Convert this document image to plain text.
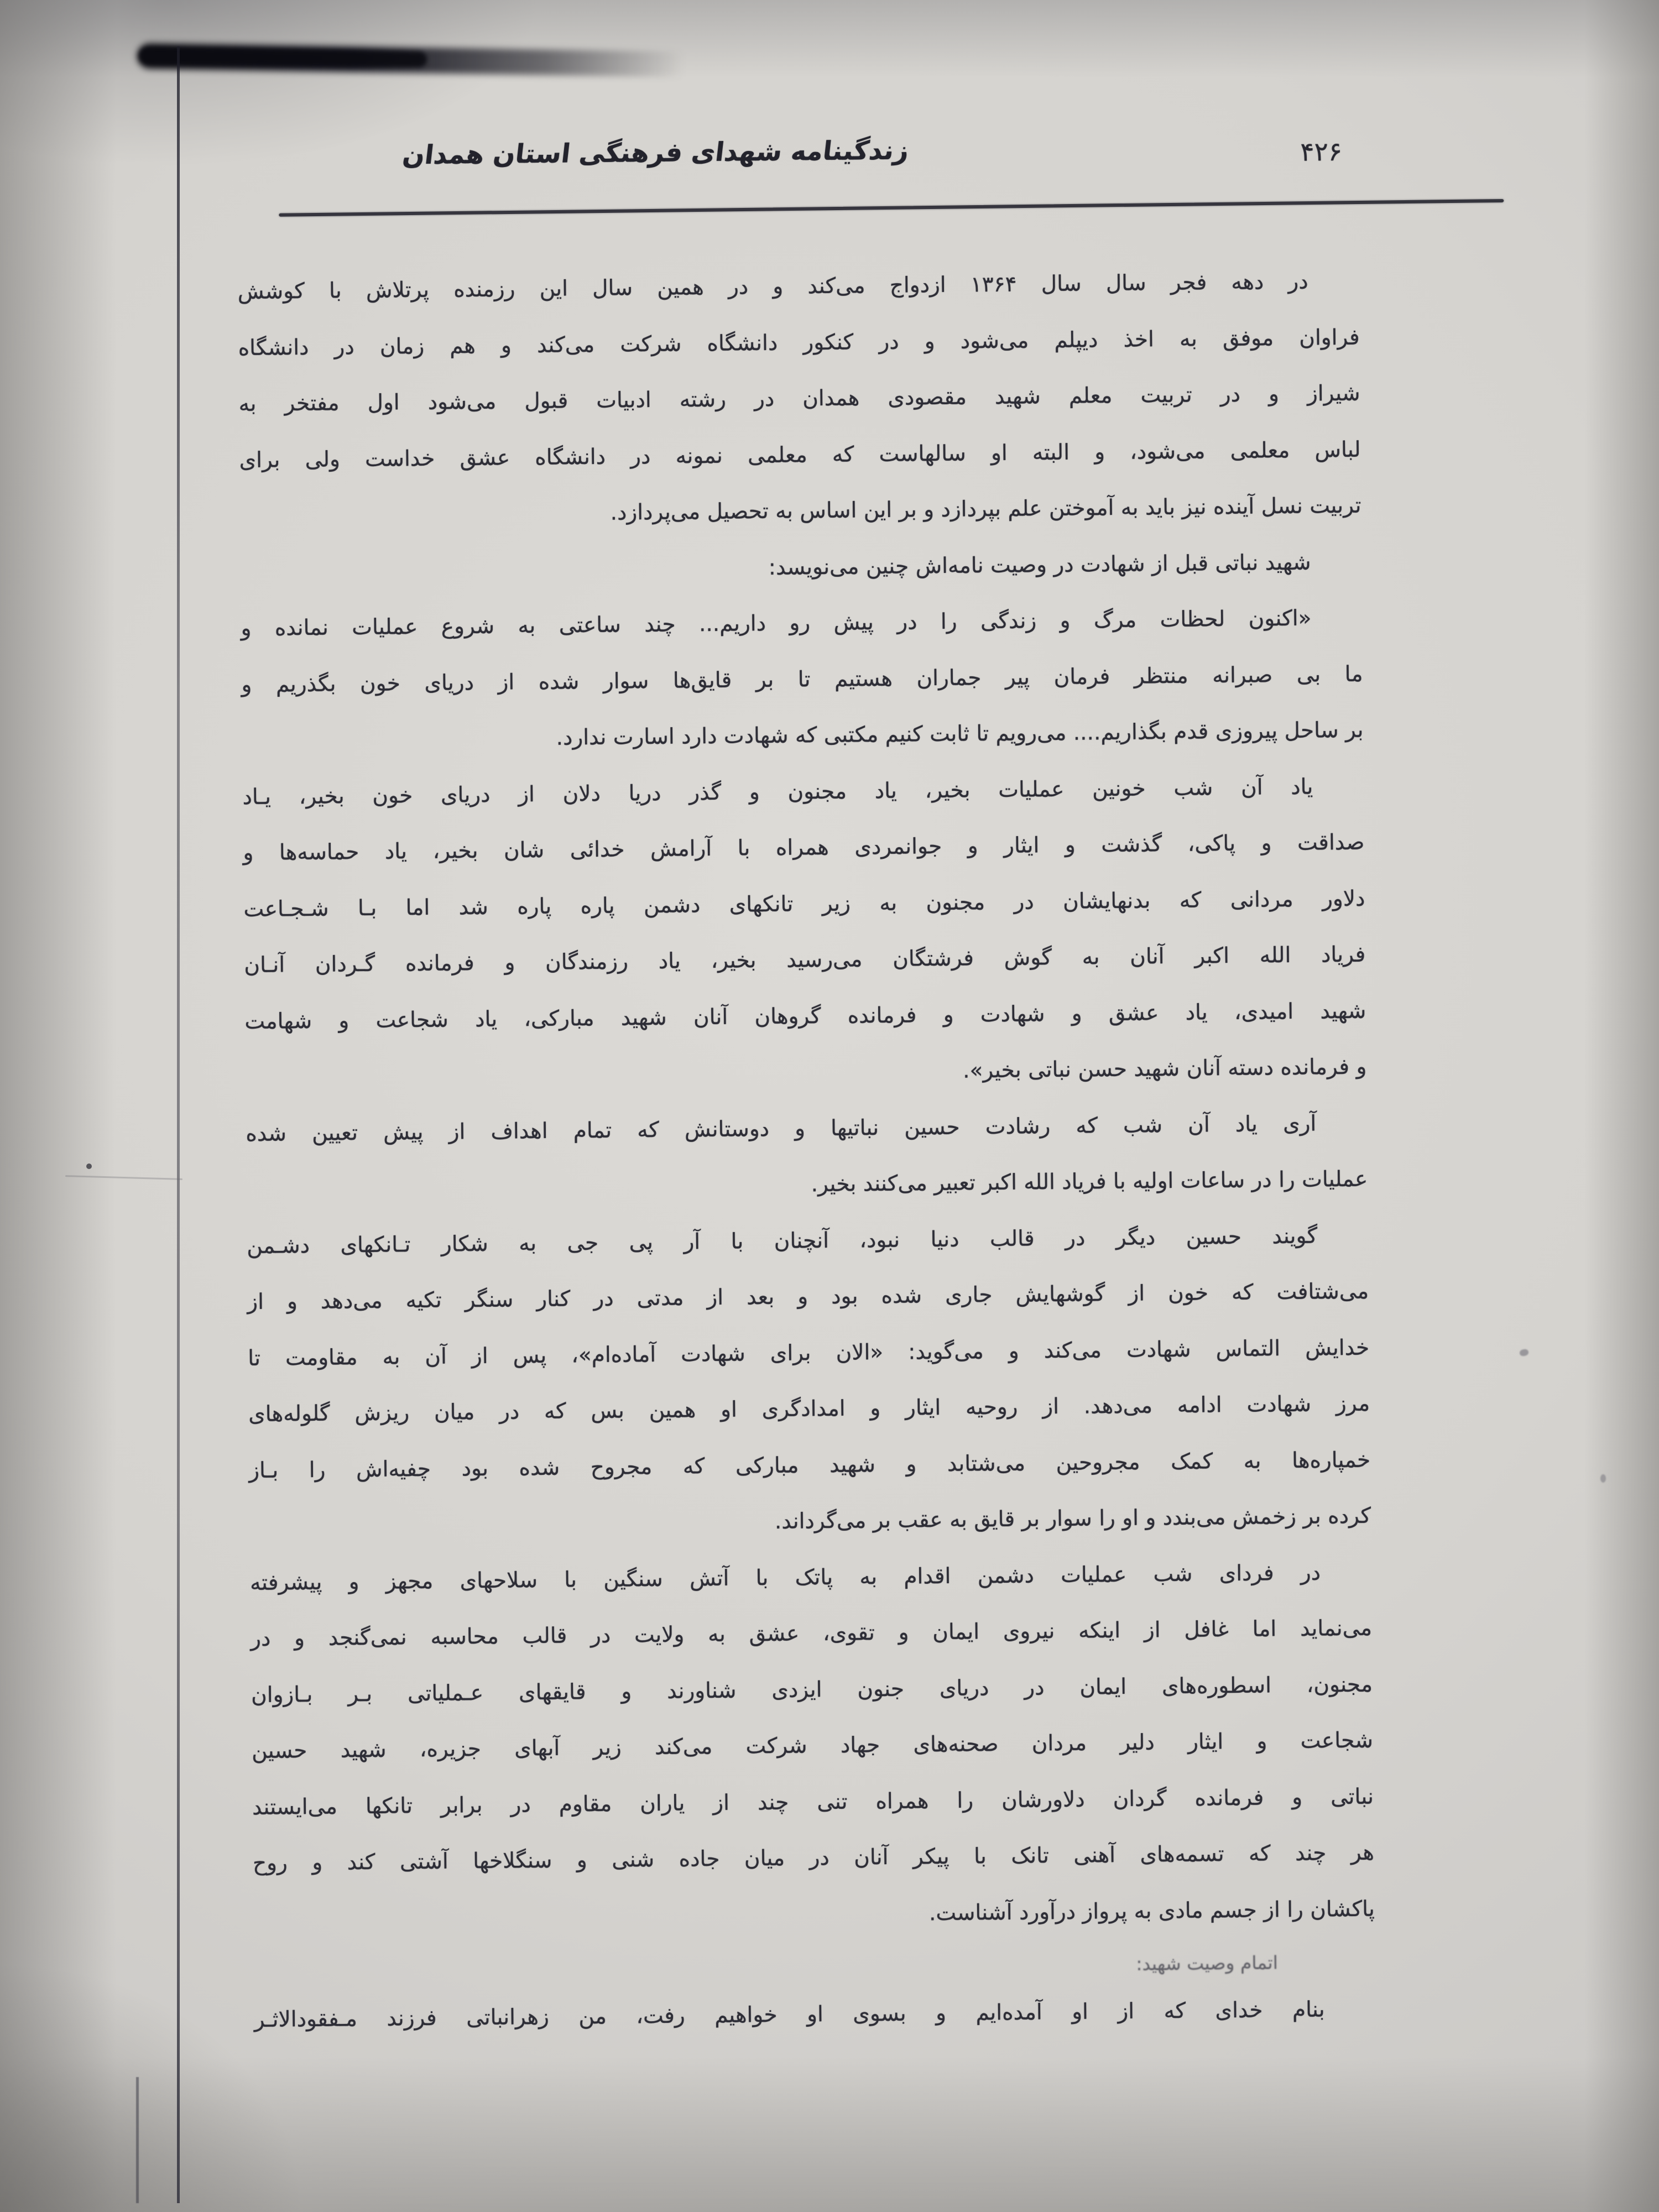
زندگینامه شهدای فرهنگی استان همدان	۴۲۶
در دهه فجر سال سال ۱۳۶۴ ازدواج می‌کند و در همین سال این رزمنده پرتلاش با کوشش
فراوان موفق به اخذ دیپلم می‌شود و در کنکور دانشگاه شرکت می‌کند و هم زمان در دانشگاه
شیراز و در تربیت معلم شهید مقصودی همدان در رشته ادبیات قبول می‌شود اول مفتخر به
لباس معلمی می‌شود، و البته او سالهاست که معلمی نمونه در دانشگاه عشق خداست ولی برای
تربیت نسل آینده نیز باید به آموختن علم بپردازد و بر این اساس به تحصیل می‌پردازد.
شهید نباتی قبل از شهادت در وصیت نامه‌اش چنین می‌نویسد:
«اکنون لحظات مرگ و زندگی را در پیش رو داریم... چند ساعتی به شروع عملیات نمانده و
ما بی صبرانه منتظر فرمان پیر جماران هستیم تا بر قایق‌ها سوار شده از دریای خون بگذریم و
بر ساحل پیروزی قدم بگذاریم.... می‌رویم تا ثابت کنیم مکتبی که شهادت دارد اسارت ندارد.
یاد آن شب خونین عملیات بخیر، یاد مجنون و گذر دریا دلان از دریای خون بخیر، یـاد
صداقت و پاکی، گذشت و ایثار و جوانمردی همراه با آرامش خدائی شان بخیر، یاد حماسه‌ها و
دلاور مردانی که بدنهایشان در مجنون به زیر تانکهای دشمن پاره پاره شد اما بـا شـجـاعت
فریاد الله اکبر آنان به گوش فرشتگان می‌رسید بخیر، یاد رزمندگان و فرمانده گـردان آنـان
شهید امیدی، یاد عشق و شهادت و فرمانده گروهان آنان شهید مبارکی، یاد شجاعت و شهامت
و فرمانده دسته آنان شهید حسن نباتی بخیر».
آری یاد آن شب که رشادت حسین نباتیها و دوستانش که تمام اهداف از پیش تعیین شده
عملیات را در ساعات اولیه با فریاد الله اکبر تعبیر می‌کنند بخیر.
گویند حسین دیگر در قالب دنیا نبود، آنچنان با آر پی جی به شکار تـانکهای دشـمن
می‌شتافت که خون از گوشهایش جاری شده بود و بعد از مدتی در کنار سنگر تکیه می‌دهد و از
خدایش التماس شهادت می‌کند و می‌گوید: «الان برای شهادت آماده‌ام»، پس از آن به مقاومت تا
مرز شهادت ادامه می‌دهد. از روحیه ایثار و امدادگری او همین بس که در میان ریزش گلوله‌های
خمپاره‌ها به کمک مجروحین می‌شتابد و شهید مبارکی که مجروح شده بود چفیه‌اش را بـاز
کرده بر زخمش می‌بندد و او را سوار بر قایق به عقب بر می‌گرداند.
در فردای شب عملیات دشمن اقدام به پاتک با آتش سنگین با سلاحهای مجهز و پیشرفته
می‌نماید اما غافل از اینکه نیروی ایمان و تقوی، عشق به ولایت در قالب محاسبه نمی‌گنجد و در
مجنون، اسطوره‌های ایمان در دریای جنون ایزدی شناورند و قایقهای عـملیاتی بـر بـازوان
شجاعت و ایثار دلیر مردان صحنه‌های جهاد شرکت می‌کند زیر آبهای جزیره، شهید حسین
نباتی و فرمانده گردان دلاورشان را همراه تنی چند از یاران مقاوم در برابر تانکها می‌ایستند
هر چند که تسمه‌های آهنی تانک با پیکر آنان در میان جاده شنی و سنگلاخها آشتی کند و روح
پاکشان را از جسم مادی به پرواز درآورد آشناست.
اتمام وصیت شهید:
بنام خدای که از او آمده‌ایم و بسوی او خواهیم رفت، من زهرانباتی فرزند مـفقودالاثـر
